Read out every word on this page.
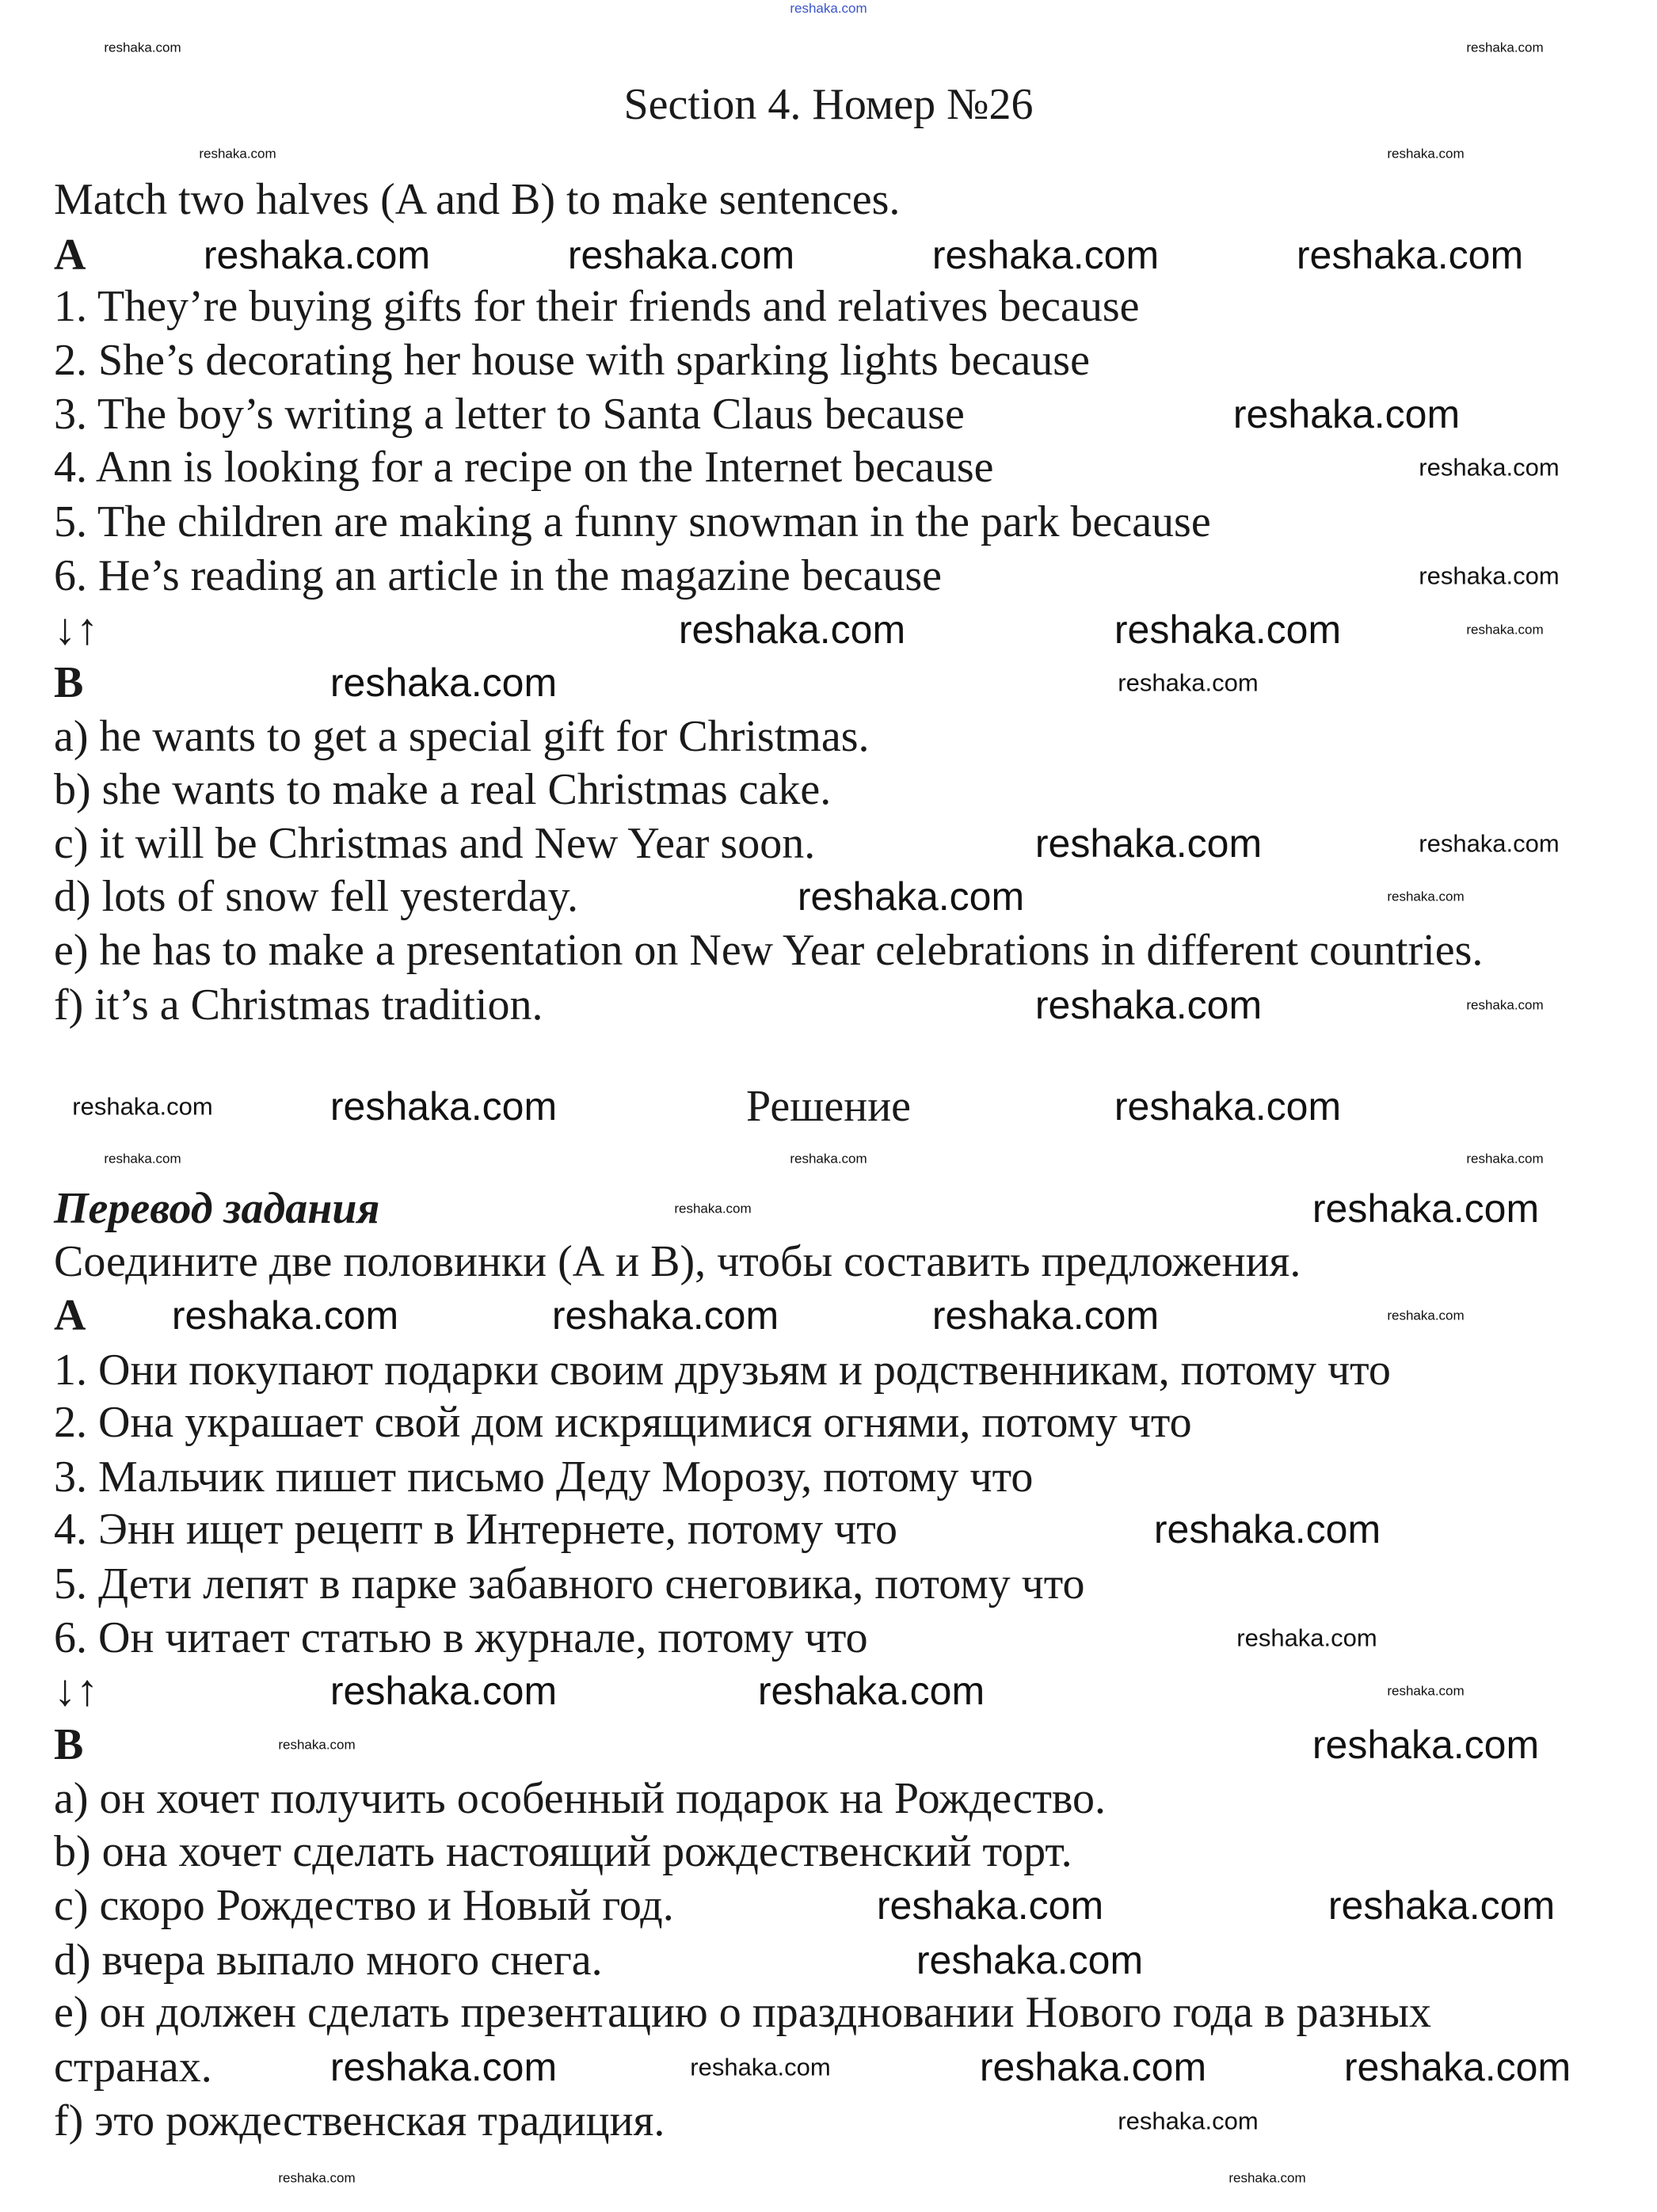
reshaka.com
Section 4. Номер №26
Match two halves (A and B) to make sentences.
A
1. They’re buying gifts for their friends and relatives because
2. She’s decorating her house with sparking lights because
3. The boy’s writing a letter to Santa Claus because
4. Ann is looking for a recipe on the Internet because
5. The children are making a funny snowman in the park because
6. He’s reading an article in the magazine because
↓↑
B
a) he wants to get a special gift for Christmas.
b) she wants to make a real Christmas cake.
c) it will be Christmas and New Year soon.
d) lots of snow fell yesterday.
e) he has to make a presentation on New Year celebrations in different countries.
f) it’s a Christmas tradition.
Решение
Перевод задания
Соедините две половинки (А и В), чтобы составить предложения.
A
1. Они покупают подарки своим друзьям и родственникам, потому что
2. Она украшает свой дом искрящимися огнями, потому что
3. Мальчик пишет письмо Деду Морозу, потому что
4. Энн ищет рецепт в Интернете, потому что
5. Дети лепят в парке забавного снеговика, потому что
6. Он читает статью в журнале, потому что
↓↑
B
a) он хочет получить особенный подарок на Рождество.
b) она хочет сделать настоящий рождественский торт.
c) скоро Рождество и Новый год.
d) вчера выпало много снега.
e) он должен сделать презентацию о праздновании Нового года в разных
странах.
f) это рождественская традиция.
reshaka.com	reshaka.com
reshaka.com	reshaka.com
reshaka.com	reshaka.com	reshaka.com	reshaka.com
reshaka.com
reshaka.com
reshaka.com
reshaka.com	reshaka.com	reshaka.com
reshaka.com	reshaka.com
reshaka.com	reshaka.com
reshaka.com	reshaka.com
reshaka.com	reshaka.com
reshaka.com	reshaka.com
reshaka.com
reshaka.com	reshaka.com	reshaka.com
reshaka.com
reshaka.com
reshaka.com	reshaka.com	reshaka.com	reshaka.com
reshaka.com
reshaka.com
reshaka.com	reshaka.com	reshaka.com
reshaka.com
reshaka.com
reshaka.com	reshaka.com
reshaka.com
reshaka.com	reshaka.com	reshaka.com	reshaka.com
reshaka.com
reshaka.com	reshaka.com
